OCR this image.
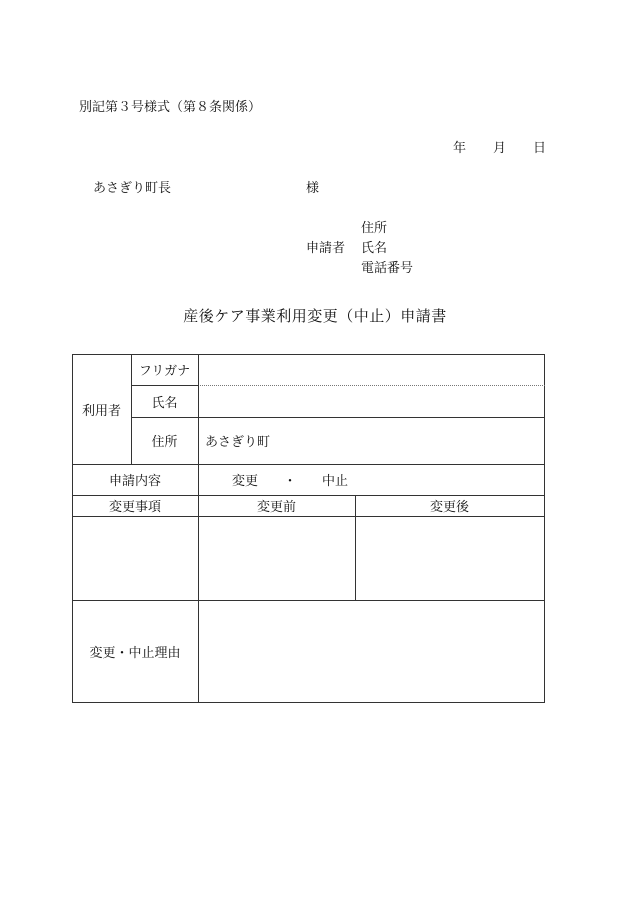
別記第３号様式（第８条関係）
年 月 日
あさぎり町長	様
住所
申請者 氏名
電話番号
産後ケア事業利用変更（中止）申請書
利用者
フリガナ
氏名
住所	あさぎり町
申請内容	変更 ・ 中止
変更事項	変更前	変更後
変更・中止理由
